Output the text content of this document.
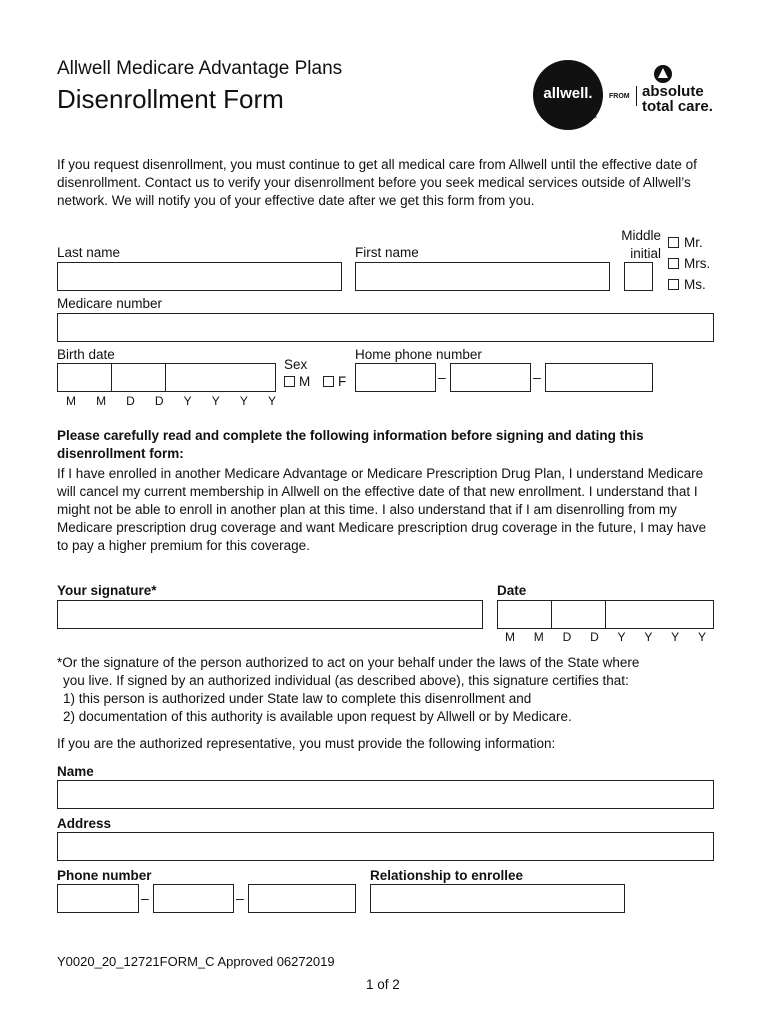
Allwell Medicare Advantage Plans
Disenrollment Form	allwell.
™
FROM absolute
total care.

If you request disenrollment, you must continue to get all medical care from Allwell until the effective date of disenrollment. Contact us to verify your disenrollment before you seek medical services outside of Allwell’s network. We will notify you of your effective date after we get this form from you.

Last name	First name
Middle
initial
Mr.
Mrs.
Ms.
Medicare number
Birth date
M M D D Y Y Y Y
Sex
M F
Home phone number
–	–

Please carefully read and complete the following information before signing and dating this disenrollment form:

If I have enrolled in another Medicare Advantage or Medicare Prescription Drug Plan, I understand Medicare will cancel my current membership in Allwell on the effective date of that new enrollment. I understand that I might not be able to enroll in another plan at this time. I also understand that if I am disenrolling from my Medicare prescription drug coverage and want Medicare prescription drug coverage in the future, I may have to pay a higher premium for this coverage.

Your signature*	Date
M M D D Y Y Y Y
*Or the signature of the person authorized to act on your behalf under the laws of the State where
you live. If signed by an authorized individual (as described above), this signature certifies that:
1) this person is authorized under State law to complete this disenrollment and
2) documentation of this authority is available upon request by Allwell or by Medicare.
If you are the authorized representative, you must provide the following information:
Name
Address
Phone number
–	–
Relationship to enrollee
Y0020_20_12721FORM_C Approved 06272019
1 of 2
